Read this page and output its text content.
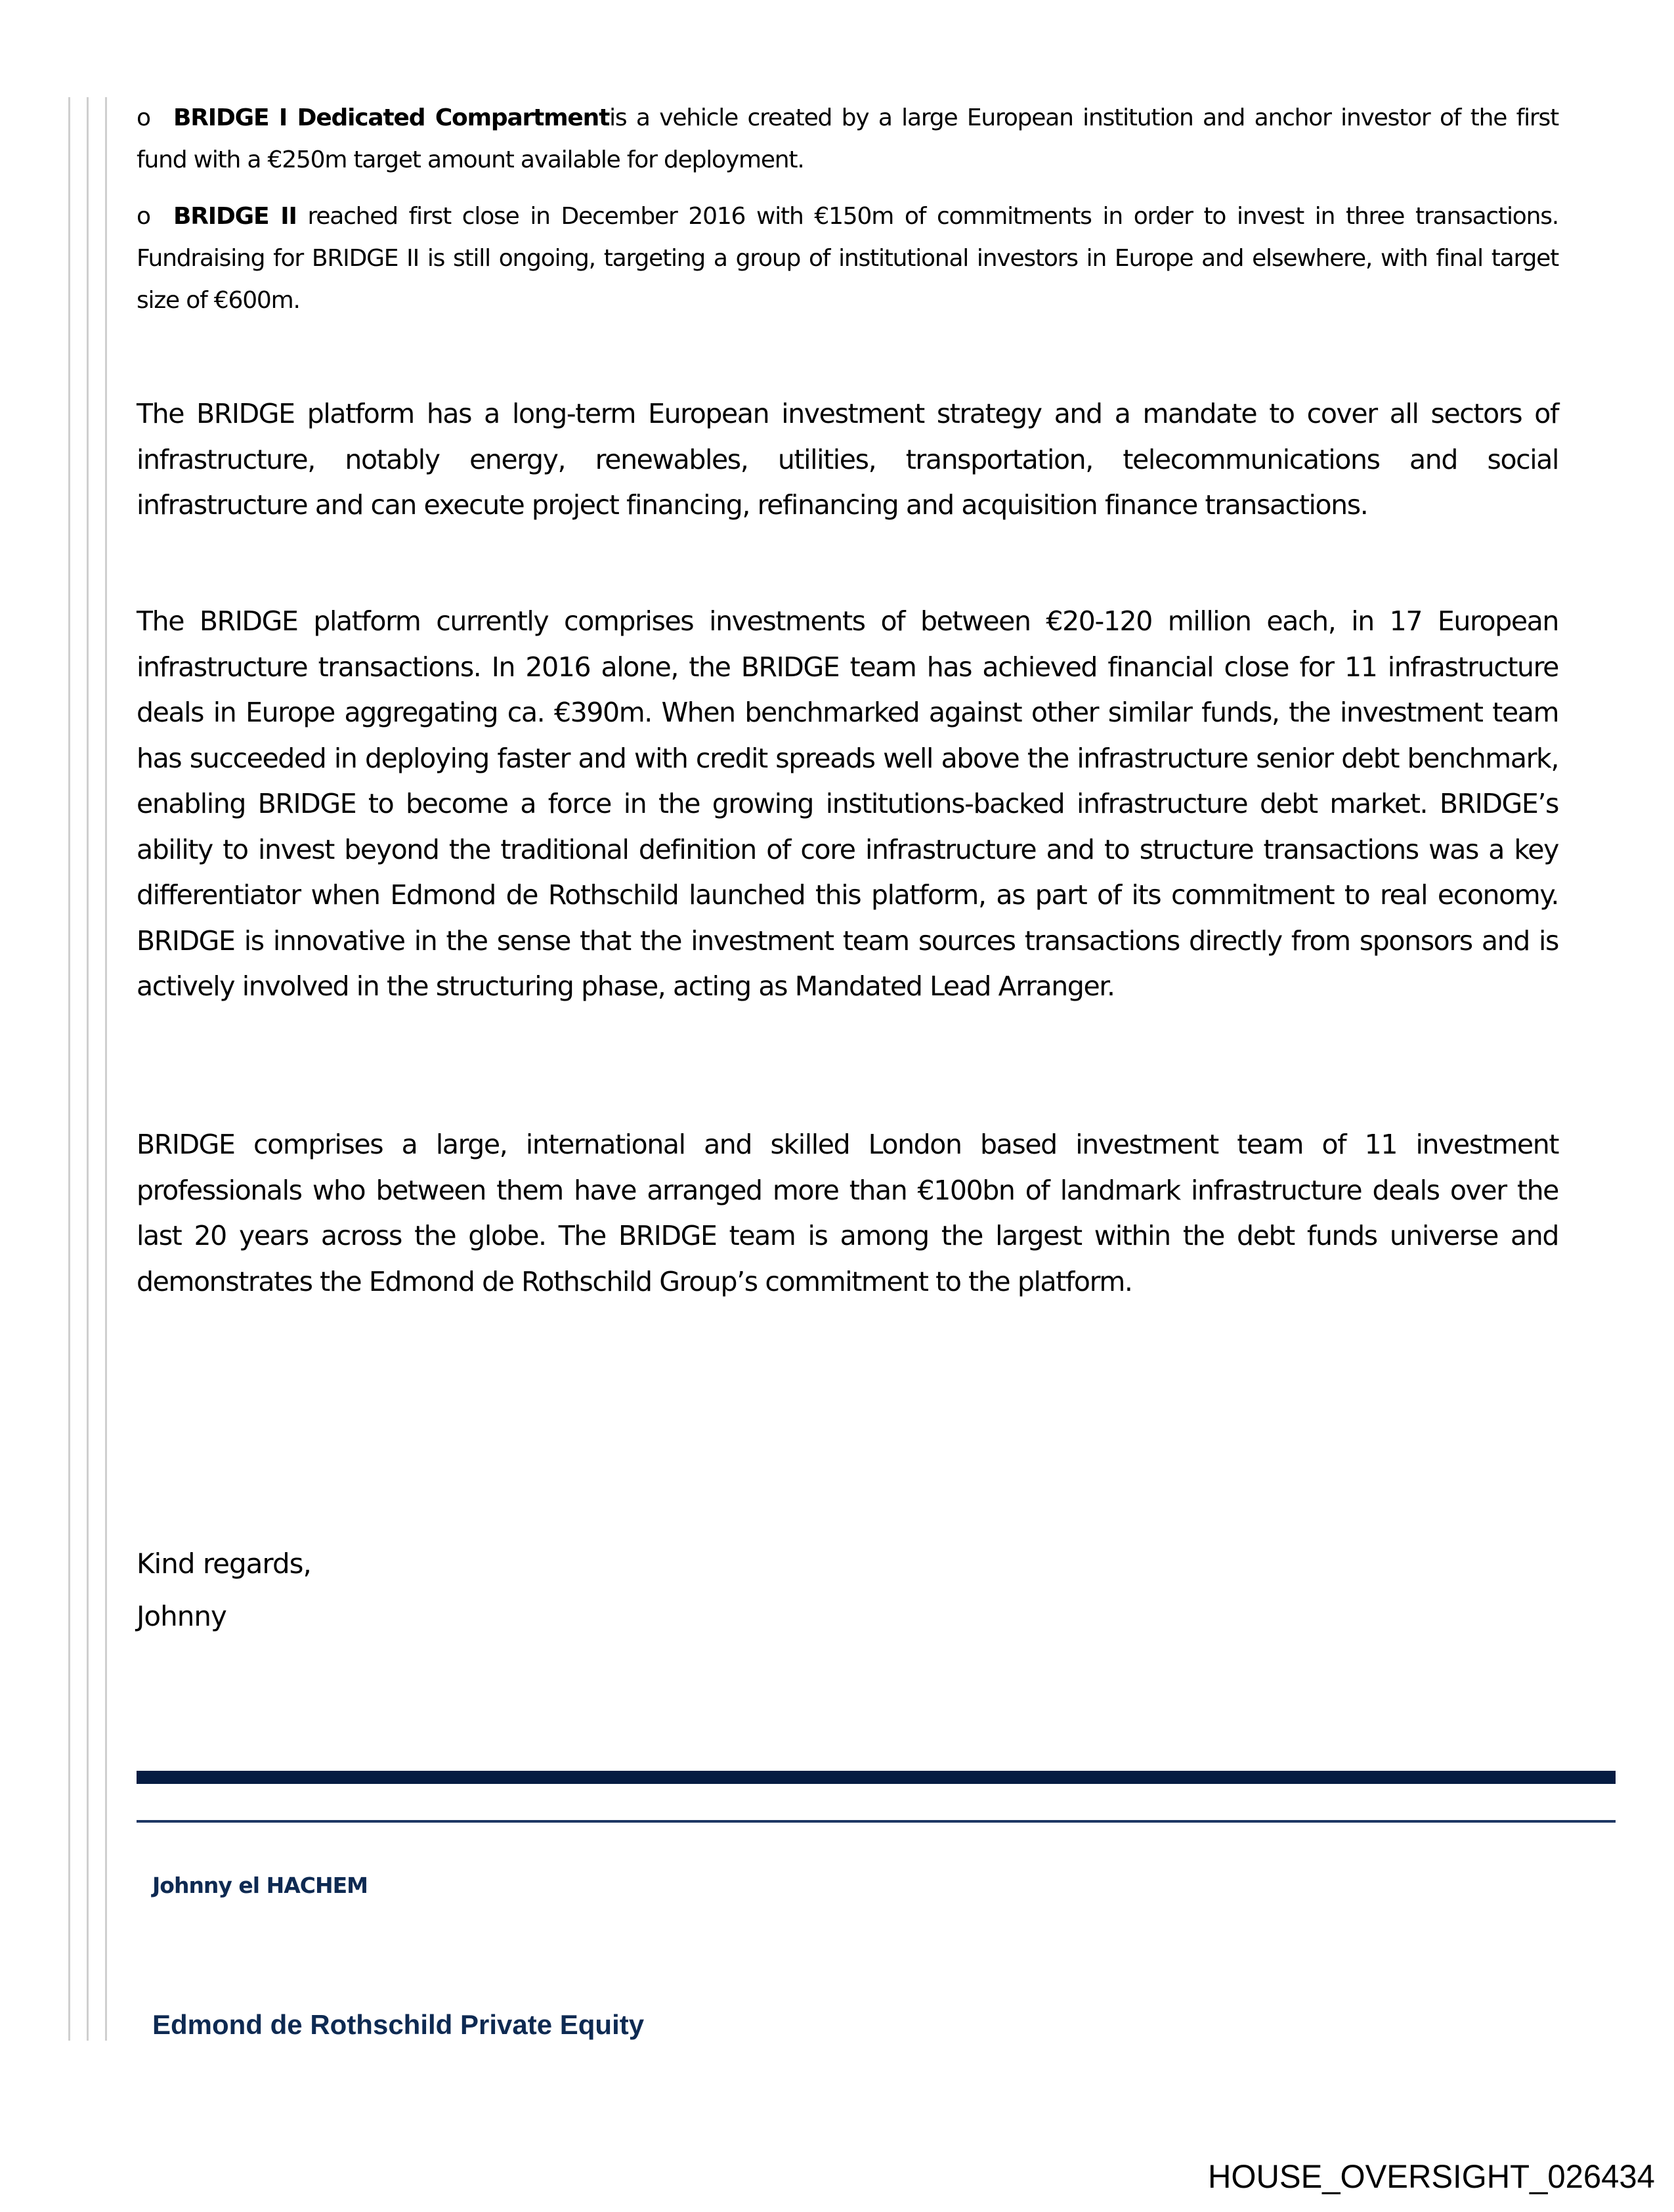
o BRIDGE I Dedicated Compartmentis a vehicle created by a large European institution and anchor investor of the first fund with a €250m target amount available for deployment.
o BRIDGE II reached first close in December 2016 with €150m of commitments in order to invest in three transactions. Fundraising for BRIDGE II is still ongoing, targeting a group of institutional investors in Europe and elsewhere, with final target size of €600m.

The BRIDGE platform has a long-term European investment strategy and a mandate to cover all sectors of infrastructure, notably energy, renewables, utilities, transportation, telecommunications and social infrastructure and can execute project financing, refinancing and acquisition finance transactions.

The BRIDGE platform currently comprises investments of between €20-120 million each, in 17 European infrastructure transactions. In 2016 alone, the BRIDGE team has achieved financial close for 11 infrastructure deals in Europe aggregating ca. €390m. When benchmarked against other similar funds, the investment team has succeeded in deploying faster and with credit spreads well above the infrastructure senior debt benchmark, enabling BRIDGE to become a force in the growing institutions-backed infrastructure debt market. BRIDGE’s ability to invest beyond the traditional definition of core infrastructure and to structure transactions was a key differentiator when Edmond de Rothschild launched this platform, as part of its commitment to real economy. BRIDGE is innovative in the sense that the investment team sources transactions directly from sponsors and is actively involved in the structuring phase, acting as Mandated Lead Arranger.

BRIDGE comprises a large, international and skilled London based investment team of 11 investment professionals who between them have arranged more than €100bn of landmark infrastructure deals over the last 20 years across the globe. The BRIDGE team is among the largest within the debt funds universe and demonstrates the Edmond de Rothschild Group’s commitment to the platform.

Kind regards,
Johnny
Johnny el HACHEM
Edmond de Rothschild Private Equity
HOUSE_OVERSIGHT_026434
